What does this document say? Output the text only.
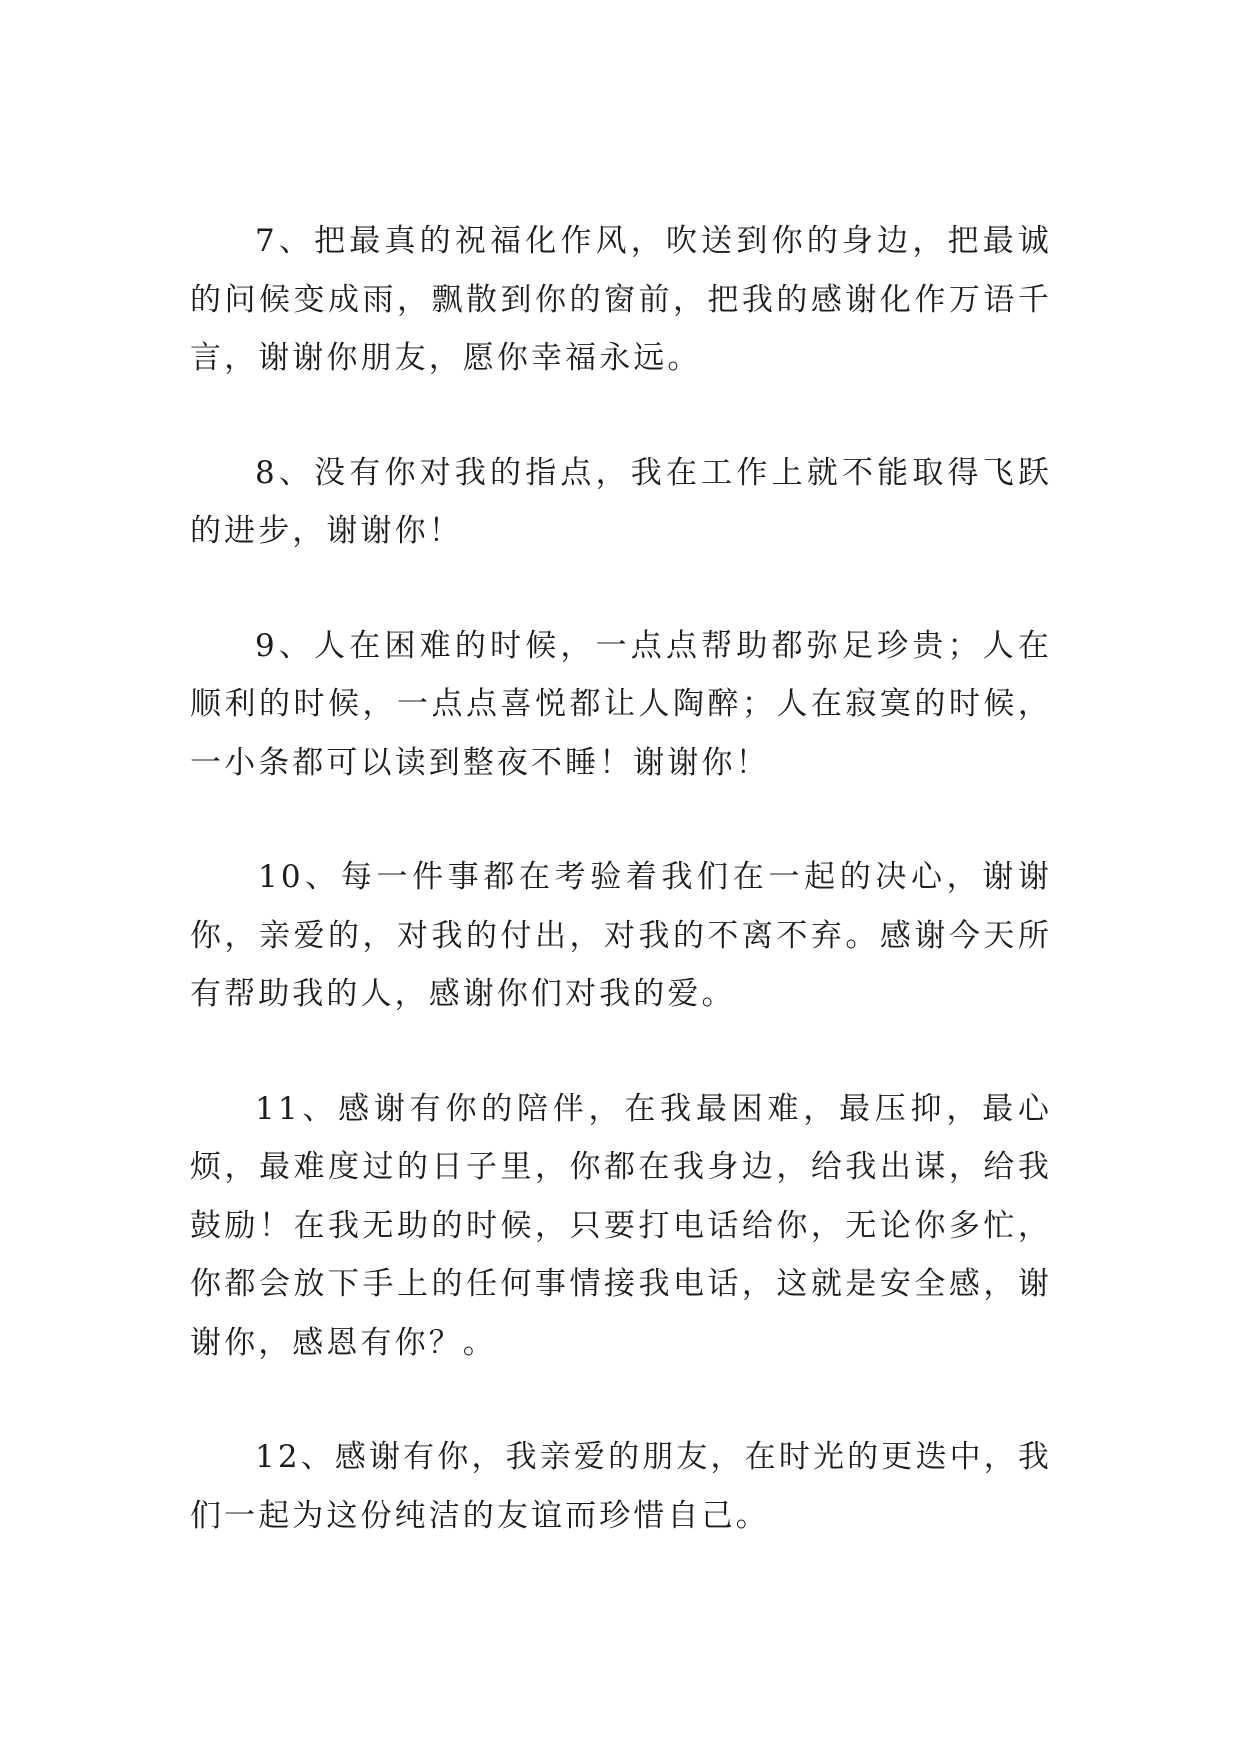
7、把最真的祝福化作风，吹送到你的身边，把最诚的问候变成雨，飘散到你的窗前，把我的感谢化作万语千言，谢谢你朋友，愿你幸福永远。

8、没有你对我的指点，我在工作上就不能取得飞跃的进步，谢谢你！

9、人在困难的时候，一点点帮助都弥足珍贵；人在顺利的时候，一点点喜悦都让人陶醉；人在寂寞的时候，一小条都可以读到整夜不睡！谢谢你！

10、每一件事都在考验着我们在一起的决心，谢谢你，亲爱的，对我的付出，对我的不离不弃。感谢今天所有帮助我的人，感谢你们对我的爱。

11、感谢有你的陪伴，在我最困难，最压抑，最心烦，最难度过的日子里，你都在我身边，给我出谋，给我鼓励！在我无助的时候，只要打电话给你，无论你多忙，你都会放下手上的任何事情接我电话，这就是安全感，谢谢你，感恩有你？。

12、感谢有你，我亲爱的朋友，在时光的更迭中，我们一起为这份纯洁的友谊而珍惜自己。
